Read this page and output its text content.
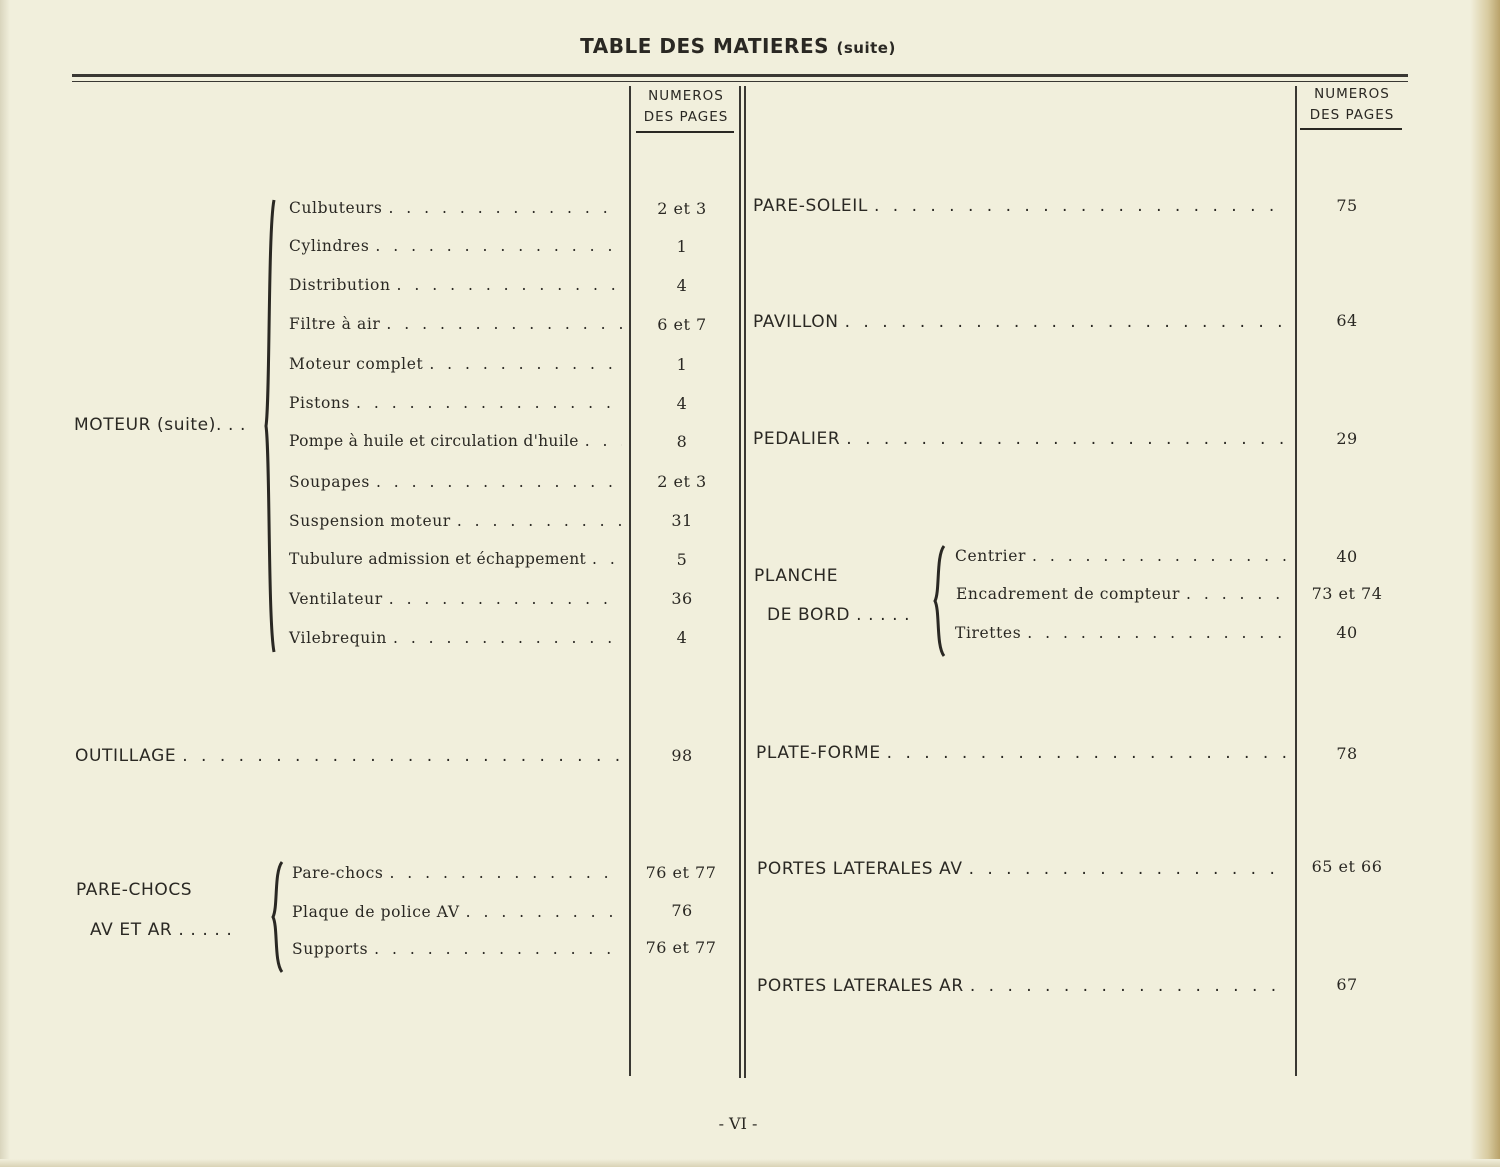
TABLE DES MATIERES (suite)
NUMEROS
DES PAGES
NUMEROS
DES PAGES
MOTEUR (suite). . .
Culbuteurs . . .	2 et 3
Cylindres . . .	1
Distribution . . .	4
Filtre à air . . .	6 et 7
Moteur complet . . .	1
Pistons . . .	4
Pompe à huile et circulation d'huile . . .	8
Soupapes . . .	2 et 3
Suspension moteur . . .	31
Tubulure admission et échappement . . .	5
Ventilateur . . .	36
Vilebrequin . . .	4
OUTILLAGE . . .	98
PARE-CHOCS
AV ET AR . . . . .
Pare-chocs . . .	76 et 77
Plaque de police AV . . .	76
Supports . . .	76 et 77
PARE-SOLEIL . . .	75
PAVILLON . . .	64
PEDALIER . . .	29
PLANCHE
DE BORD . . . . .
Centrier . . .	40
Encadrement de compteur . . .	73 et 74
Tirettes . . .	40
PLATE-FORME . . .	78
PORTES LATERALES AV . . .	65 et 66
PORTES LATERALES AR . . .	67
- VI -
